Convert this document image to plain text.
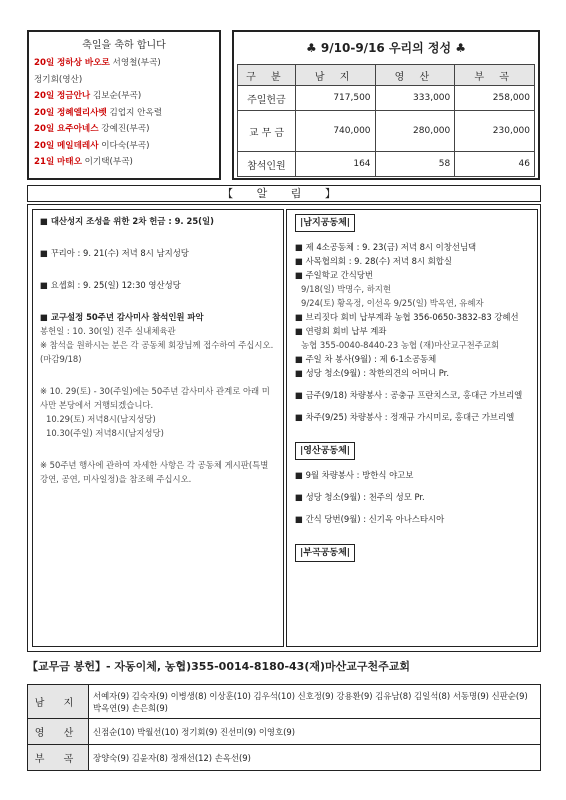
축일을 축하 합니다
20일 정하상 바오로 서영철(부곡)
정기회(영산)
20일 정금안나 김보순(부곡)
20일 정혜엘리사벳 김업지 안옥렬
20일 요주아네스 강예진(부곡)
20일 메일데레사 이다숙(부곡)
21일 마태오 이기택(부곡)
♣ 9/10-9/16 우리의 정성 ♣
구 분	남 지	영 산	부 곡
주일헌금	717,500	333,000	258,000
교 무 금	740,000	280,000	230,000
참석인원	164	58	46
【 알 림 】

■ 대산성지 조성을 위한 2차 헌금 : 9. 25(일)

■ 꾸리아 : 9. 21(수) 저녁 8시 남지성당

■ 요셉회 : 9. 25(일) 12:30 영산성당

■ 교구설정 50주년 감사미사 참석인원 파악

봉헌일 : 10. 30(일) 진주 실내체육관

※ 참석을 원하시는 분은 각 공동체 회장님께 접수하여 주십시오.(마감9/18)

※ 10. 29(토) - 30(주일)에는 50주년 감사미사 관계로 아래 미사만 본당에서 거행되겠습니다.

10.29(토) 저녁8시(남지성당)

10.30(주일) 저녁8시(남지성당)

※ 50주년 행사에 관하여 자세한 사항은 각 공동체 게시판(특별강연, 공연, 미사일정)을 참조해 주십시오.

|남지공동체|

■ 제 4소공동체 : 9. 23(금) 저녁 8시 이창선님댁

■ 사목협의회 : 9. 28(수) 저녁 8시 회합실

■ 주일학교 간식당번

9/18(일) 박명수, 하지현

9/24(토) 황옥정, 이선옥 9/25(일) 박옥연, 유혜자

■ 브리짓다 회비 납부계좌 농협 356-0650-3832-83 강혜선

■ 연령회 회비 납부 계좌

농협 355-0040-8440-23 농협 (재)마산교구천주교회

■ 주일 차 봉사(9월) : 제 6-1소공동체

■ 성당 청소(9월) : 착한의견의 어머니 Pr.

■ 금주(9/18) 차량봉사 : 공충규 프란치스코, 홍대근 가브리엘

■ 차주(9/25) 차량봉사 : 정재규 가시미로, 홍대근 가브리엘

|영산공동체|

■ 9월 차량봉사 : 방한식 야고보

■ 성당 청소(9월) : 천주의 성모 Pr.

■ 간식 당번(9월) : 신기옥 아나스타시아

|부곡공동체|
【교무금 봉헌】- 자동이체, 농협)355-0014-8180-43(재)마산교구천주교회
남 지	서예자(9) 김숙자(9) 이병생(8) 이상훈(10) 김우석(10) 신호정(9) 강용환(9) 김유남(8) 김일석(8) 서동명(9) 신판순(9) 박옥연(9) 손은희(9)
영 산	신점순(10) 박월선(10) 정기회(9) 진선미(9) 이영호(9)
부 곡	장양숙(9) 김윤자(8) 정재선(12) 손옥선(9)
